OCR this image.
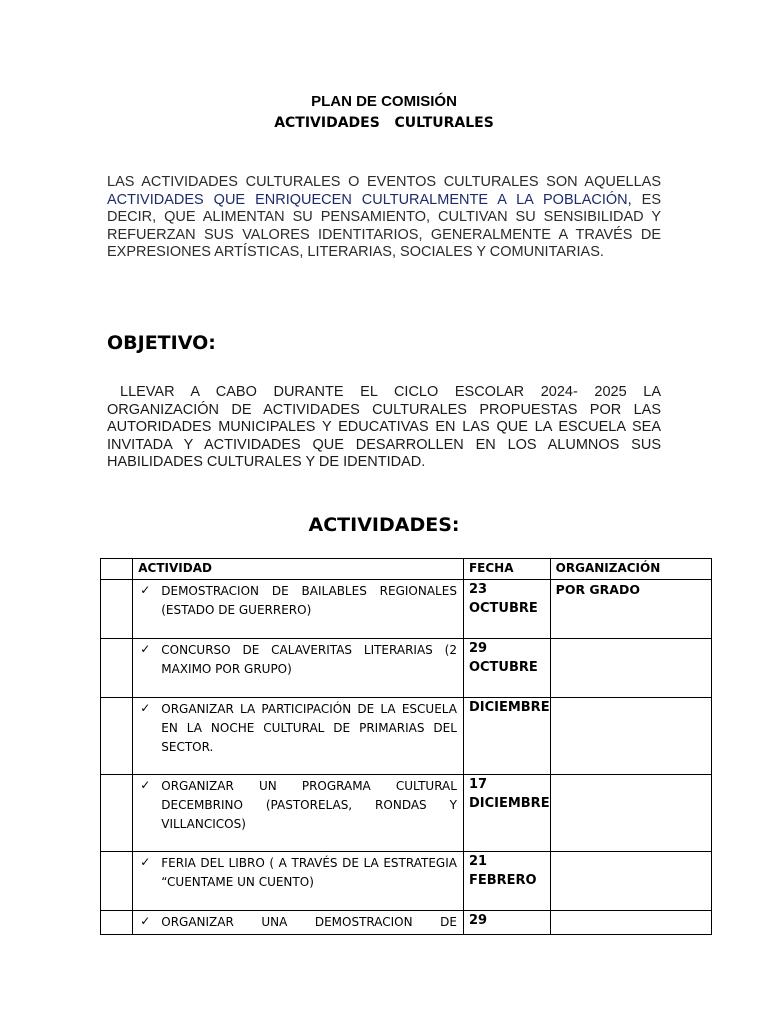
PLAN DE COMISIÓN
ACTIVIDADES   CULTURALES

LAS ACTIVIDADES CULTURALES O EVENTOS CULTURALES SON AQUELLAS ACTIVIDADES QUE ENRIQUECEN CULTURALMENTE A LA POBLACIÓN, ES DECIR, QUE ALIMENTAN SU PENSAMIENTO, CULTIVAN SU SENSIBILIDAD Y REFUERZAN SUS VALORES IDENTITARIOS, GENERALMENTE A TRAVÉS DE EXPRESIONES ARTÍSTICAS, LITERARIAS, SOCIALES Y COMUNITARIAS.

OBJETIVO:

LLEVAR A CABO DURANTE EL CICLO ESCOLAR 2024- 2025 LA ORGANIZACIÓN DE ACTIVIDADES CULTURALES PROPUESTAS POR LAS AUTORIDADES MUNICIPALES Y EDUCATIVAS EN LAS QUE LA ESCUELA SEA INVITADA Y ACTIVIDADES QUE DESARROLLEN EN LOS ALUMNOS SUS HABILIDADES CULTURALES Y DE IDENTIDAD.

ACTIVIDADES:
	ACTIVIDAD	FECHA	ORGANIZACIÓN

	✓ DEMOSTRACION DE BAILABLES REGIONALES (ESTADO DE GUERRERO)	23 OCTUBRE	POR GRADO

	✓ CONCURSO DE CALAVERITAS LITERARIAS (2 MAXIMO POR GRUPO)	29 OCTUBRE	

	✓ ORGANIZAR LA PARTICIPACIÓN DE LA ESCUELA EN LA NOCHE CULTURAL DE PRIMARIAS DEL SECTOR.	DICIEMBRE	

	✓ ORGANIZAR UN PROGRAMA CULTURAL DECEMBRINO (PASTORELAS, RONDAS Y VILLANCICOS)	17 DICIEMBRE	

	✓ FERIA DEL LIBRO ( A TRAVÉS DE LA ESTRATEGIA “CUENTAME UN CUENTO)	21 FEBRERO	

	✓ ORGANIZAR UNA DEMOSTRACION DE	29	
